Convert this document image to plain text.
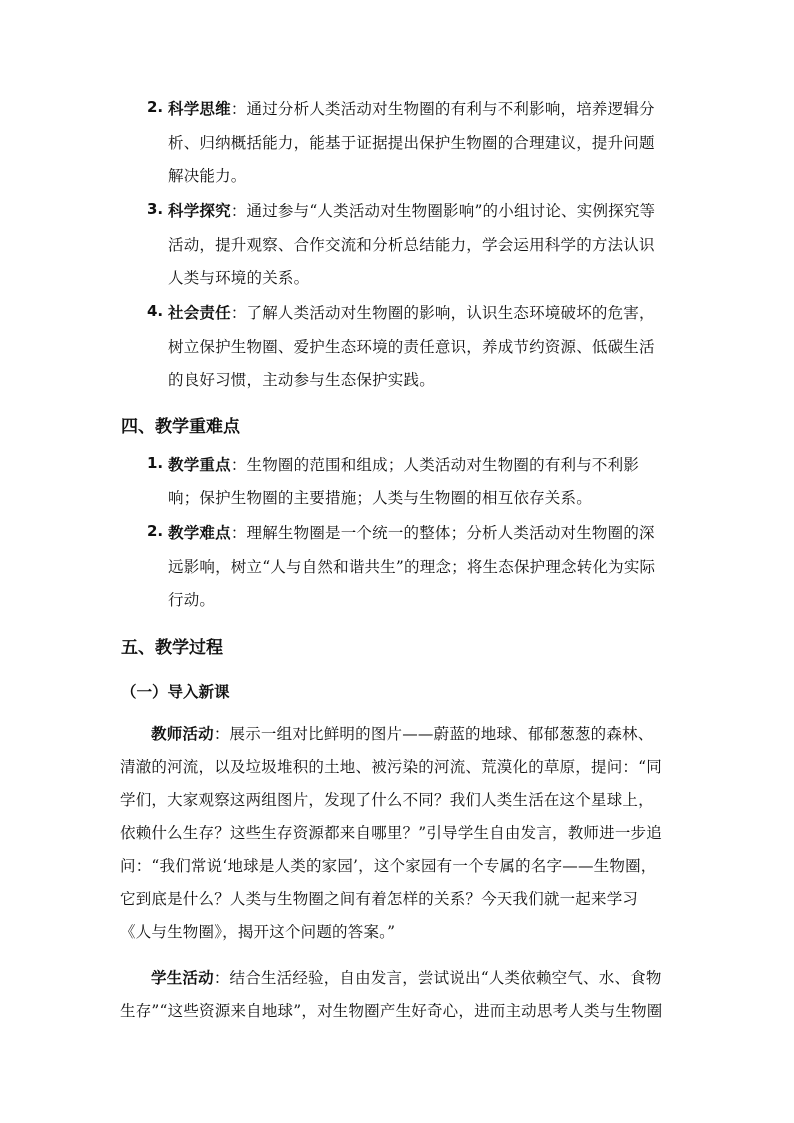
2. 科学思维：通过分析人类活动对生物圈的有利与不利影响，培养逻辑分
析、归纳概括能力，能基于证据提出保护生物圈的合理建议，提升问题
解决能力。
3. 科学探究：通过参与“人类活动对生物圈影响”的小组讨论、实例探究等
活动，提升观察、合作交流和分析总结能力，学会运用科学的方法认识
人类与环境的关系。
4. 社会责任：了解人类活动对生物圈的影响，认识生态环境破坏的危害，
树立保护生物圈、爱护生态环境的责任意识，养成节约资源、低碳生活
的良好习惯，主动参与生态保护实践。
四、教学重难点
1. 教学重点：生物圈的范围和组成；人类活动对生物圈的有利与不利影
响；保护生物圈的主要措施；人类与生物圈的相互依存关系。
2. 教学难点：理解生物圈是一个统一的整体；分析人类活动对生物圈的深
远影响，树立“人与自然和谐共生”的理念；将生态保护理念转化为实际
行动。
五、教学过程
（一）导入新课
教师活动：展示一组对比鲜明的图片——蔚蓝的地球、郁郁葱葱的森林、
清澈的河流，以及垃圾堆积的土地、被污染的河流、荒漠化的草原，提问：“同
学们，大家观察这两组图片，发现了什么不同？我们人类生活在这个星球上，
依赖什么生存？这些生存资源都来自哪里？”引导学生自由发言，教师进一步追
问：“我们常说‘地球是人类的家园’，这个家园有一个专属的名字——生物圈，
它到底是什么？人类与生物圈之间有着怎样的关系？今天我们就一起来学习
《人与生物圈》，揭开这个问题的答案。”
学生活动：结合生活经验，自由发言，尝试说出“人类依赖空气、水、食物
生存”“这些资源来自地球”，对生物圈产生好奇心，进而主动思考人类与生物圈
